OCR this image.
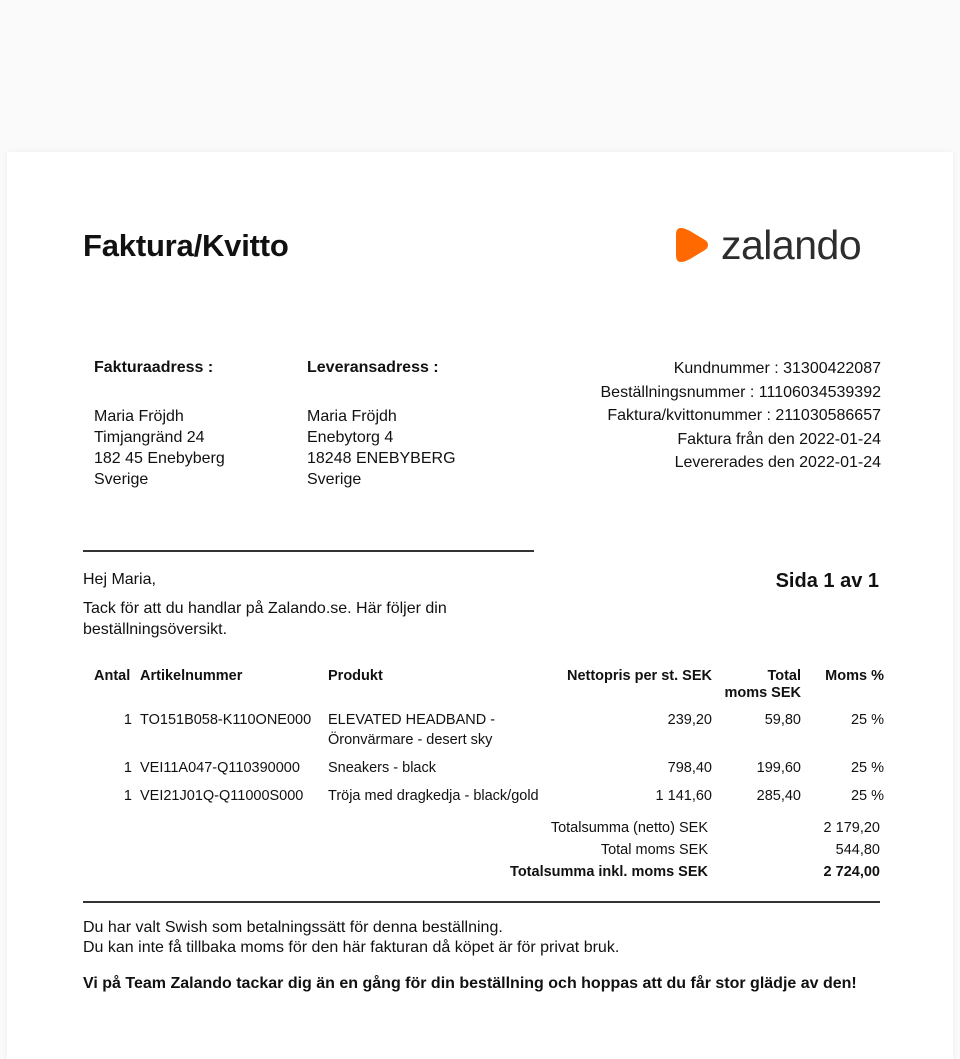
Faktura/Kvitto	zalando
Fakturaadress :
Maria Fröjdh
Timjangränd 24
182 45 Enebyberg
Sverige
Leveransadress :
Maria Fröjdh
Enebytorg 4
18248 ENEBYBERG
Sverige
Kundnummer : 31300422087
Beställningsnummer : 11106034539392
Faktura/kvittonummer : 211030586657
Faktura från den 2022-01-24
Levererades den 2022-01-24
Hej Maria,
Tack för att du handlar på Zalando.se. Här följer din beställningsöversikt.
Sida 1 av 1
Antal	Artikelnummer	Produkt	Nettopris per st. SEK	Total
moms SEK	Moms %
1	TO151B058-K110ONE000	ELEVATED HEADBAND -
Öronvärmare - desert sky	239,20	59,80	25 %
1	VEI11A047-Q110390000	Sneakers - black	798,40	199,60	25 %
1	VEI21J01Q-Q11000S000	Tröja med dragkedja - black/gold	1 141,60	285,40	25 %
Totalsumma (netto) SEK	2 179,20
Total moms SEK	544,80
Totalsumma inkl. moms SEK	2 724,00
Du har valt Swish som betalningssätt för denna beställning.
Du kan inte få tillbaka moms för den här fakturan då köpet är för privat bruk.
Vi på Team Zalando tackar dig än en gång för din beställning och hoppas att du får stor glädje av den!
